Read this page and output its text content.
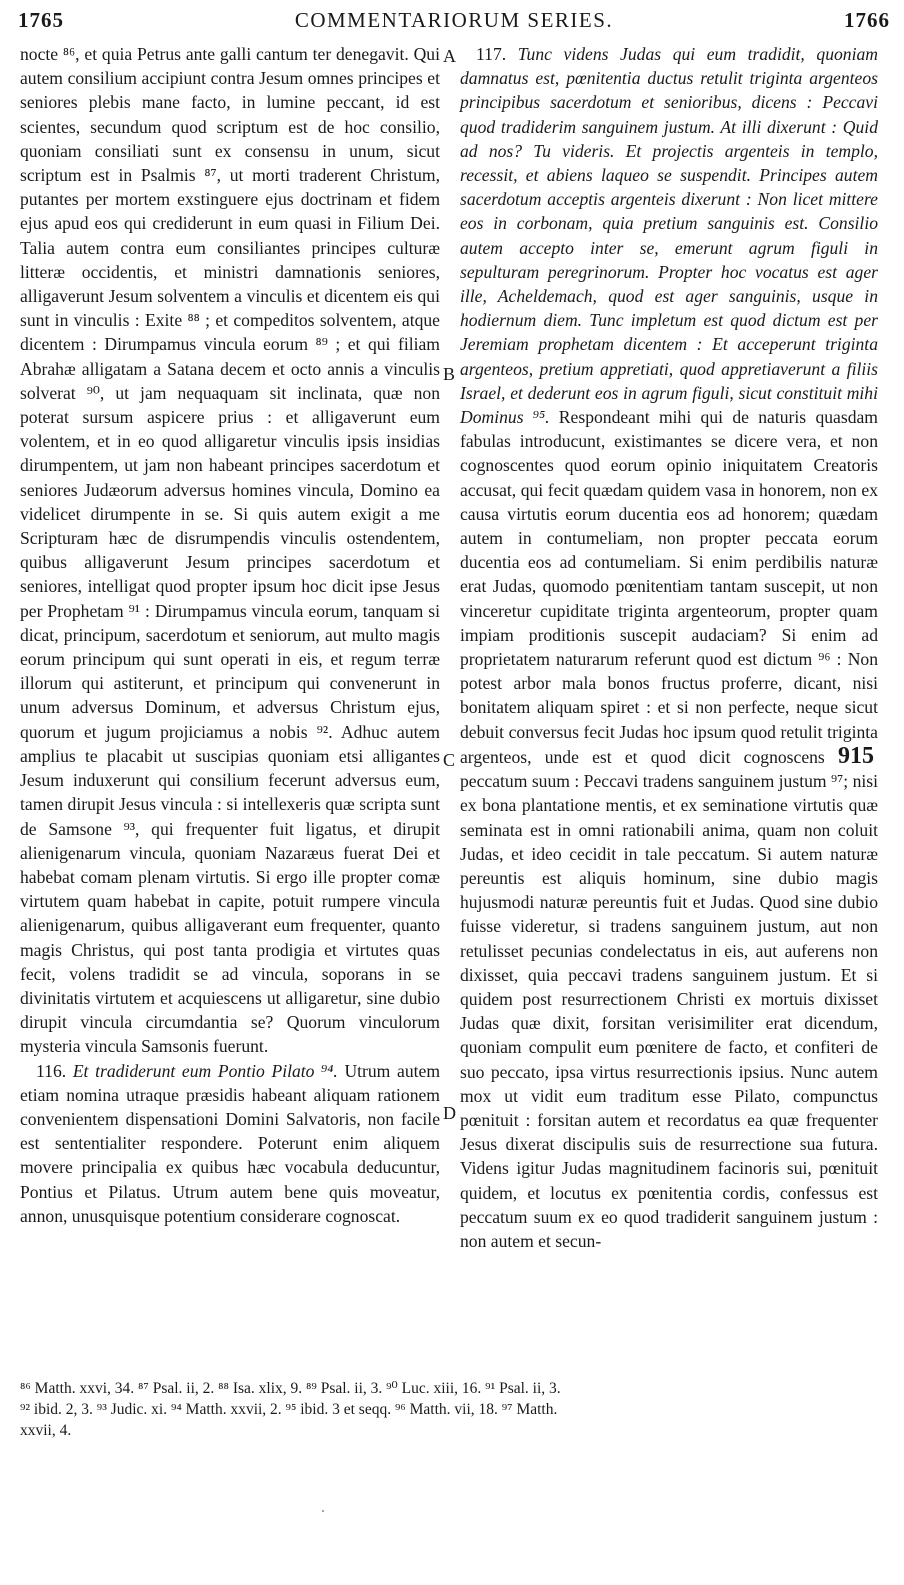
1765	COMMENTARIORUM SERIES.	1766

nocte ⁸⁶, et quia Petrus ante galli cantum ter denegavit. Qui autem consilium accipiunt contra Jesum omnes principes et seniores plebis mane facto, in lumine peccant, id est scientes, secundum quod scriptum est de hoc consilio, quoniam consiliati sunt ex consensu in unum, sicut scriptum est in Psalmis ⁸⁷, ut morti traderent Christum, putantes per mortem exstinguere ejus doctrinam et fidem ejus apud eos qui crediderunt in eum quasi in Filium Dei. Talia autem contra eum consiliantes principes culturæ litteræ occidentis, et ministri damnationis seniores, alligaverunt Jesum solventem a vinculis et dicentem eis qui sunt in vinculis : Exite ⁸⁸ ; et compeditos solventem, atque dicentem : Dirumpamus vincula eorum ⁸⁹ ; et qui filiam Abrahæ alligatam a Satana decem et octo annis a vinculis solverat ⁹⁰, ut jam nequaquam sit inclinata, quæ non poterat sursum aspicere prius : et alligaverunt eum volentem, et in eo quod alligaretur vinculis ipsis insidias dirumpentem, ut jam non habeant principes sacerdotum et seniores Judæorum adversus homines vincula, Domino ea videlicet dirumpente in se. Si quis autem exigit a me Scripturam hæc de disrumpendis vinculis ostendentem, quibus alligaverunt Jesum principes sacerdotum et seniores, intelligat quod propter ipsum hoc dicit ipse Jesus per Prophetam ⁹¹ : Dirumpamus vincula eorum, tanquam si dicat, principum, sacerdotum et seniorum, aut multo magis eorum principum qui sunt operati in eis, et regum terræ illorum qui astiterunt, et principum qui convenerunt in unum adversus Dominum, et adversus Christum ejus, quorum et jugum projiciamus a nobis ⁹². Adhuc autem amplius te placabit ut suscipias quoniam etsi alligantes Jesum induxerunt qui consilium fecerunt adversus eum, tamen dirupit Jesus vincula : si intellexeris quæ scripta sunt de Samsone ⁹³, qui frequenter fuit ligatus, et dirupit alienigenarum vincula, quoniam Nazaræus fuerat Dei et habebat comam plenam virtutis. Si ergo ille propter comæ virtutem quam habebat in capite, potuit rumpere vincula alienigenarum, quibus alligaverant eum frequenter, quanto magis Christus, qui post tanta prodigia et virtutes quas fecit, volens tradidit se ad vincula, soporans in se divinitatis virtutem et acquiescens ut alligaretur, sine dubio dirupit vincula circumdantia se? Quorum vinculorum mysteria vincula Samsonis fuerunt.

116. Et tradiderunt eum Pontio Pilato ⁹⁴. Utrum autem etiam nomina utraque præsidis habeant aliquam rationem convenientem dispensationi Domini Salvatoris, non facile est sententialiter respondere. Poterunt enim aliquem movere principalia ex quibus hæc vocabula deducuntur, Pontius et Pilatus. Utrum autem bene quis moveatur, annon, unusquisque potentium considerare cognoscat.

A
B
C
D

117. Tunc videns Judas qui eum tradidit, quoniam damnatus est, pœnitentia ductus retulit triginta argenteos principibus sacerdotum et senioribus, dicens : Peccavi quod tradiderim sanguinem justum. At illi dixerunt : Quid ad nos? Tu videris. Et projectis argenteis in templo, recessit, et abiens laqueo se suspendit. Principes autem sacerdotum acceptis argenteis dixerunt : Non licet mittere eos in corbonam, quia pretium sanguinis est. Consilio autem accepto inter se, emerunt agrum figuli in sepulturam peregrinorum. Propter hoc vocatus est ager ille, Acheldemach, quod est ager sanguinis, usque in hodiernum diem. Tunc impletum est quod dictum est per Jeremiam prophetam dicentem : Et acceperunt triginta argenteos, pretium appretiati, quod appretiaverunt a filiis Israel, et dederunt eos in agrum figuli, sicut constituit mihi Dominus ⁹⁵. Respondeant mihi qui de naturis quasdam fabulas introducunt, existimantes se dicere vera, et non cognoscentes quod eorum opinio iniquitatem Creatoris accusat, qui fecit quædam quidem vasa in honorem, non ex causa virtutis eorum ducentia eos ad honorem; quædam autem in contumeliam, non propter peccata eorum ducentia eos ad contumeliam. Si enim perdibilis naturæ erat Judas, quomodo pœnitentiam tantam suscepit, ut non vinceretur cupiditate triginta argenteorum, propter quam impiam proditionis suscepit audaciam? Si enim ad proprietatem naturarum referunt quod est dictum ⁹⁶ : Non potest arbor mala bonos fructus proferre, dicant, nisi bonitatem aliquam spiret : et si non perfecte, neque sicut debuit conversus fecit Judas hoc ipsum quod retulit triginta argenteos, unde est et quod dicit cognoscens 915 peccatum suum : Peccavi tradens sanguinem justum ⁹⁷; nisi ex bona plantatione mentis, et ex seminatione virtutis quæ seminata est in omni rationabili anima, quam non coluit Judas, et ideo cecidit in tale peccatum. Si autem naturæ pereuntis est aliquis hominum, sine dubio magis hujusmodi naturæ pereuntis fuit et Judas. Quod sine dubio fuisse videretur, si tradens sanguinem justum, aut non retulisset pecunias condelectatus in eis, aut auferens non dixisset, quia peccavi tradens sanguinem justum. Et si quidem post resurrectionem Christi ex mortuis dixisset Judas quæ dixit, forsitan verisimiliter erat dicendum, quoniam compulit eum pœnitere de facto, et confiteri de suo peccato, ipsa virtus resurrectionis ipsius. Nunc autem mox ut vidit eum traditum esse Pilato, compunctus pœnituit : forsitan autem et recordatus ea quæ frequenter Jesus dixerat discipulis suis de resurrectione sua futura. Videns igitur Judas magnitudinem facinoris sui, pœnituit quidem, et locutus ex pœnitentia cordis, confessus est peccatum suum ex eo quod tradiderit sanguinem justum : non autem et secun-

⁸⁶ Matth. xxvi, 34. ⁸⁷ Psal. ii, 2. ⁸⁸ Isa. xlix, 9. ⁸⁹ Psal. ii, 3. ⁹⁰ Luc. xiii, 16. ⁹¹ Psal. ii, 3.
⁹² ibid. 2, 3. ⁹³ Judic. xi. ⁹⁴ Matth. xxvii, 2. ⁹⁵ ibid. 3 et seqq. ⁹⁶ Matth. vii, 18. ⁹⁷ Matth.
xxvii, 4.
